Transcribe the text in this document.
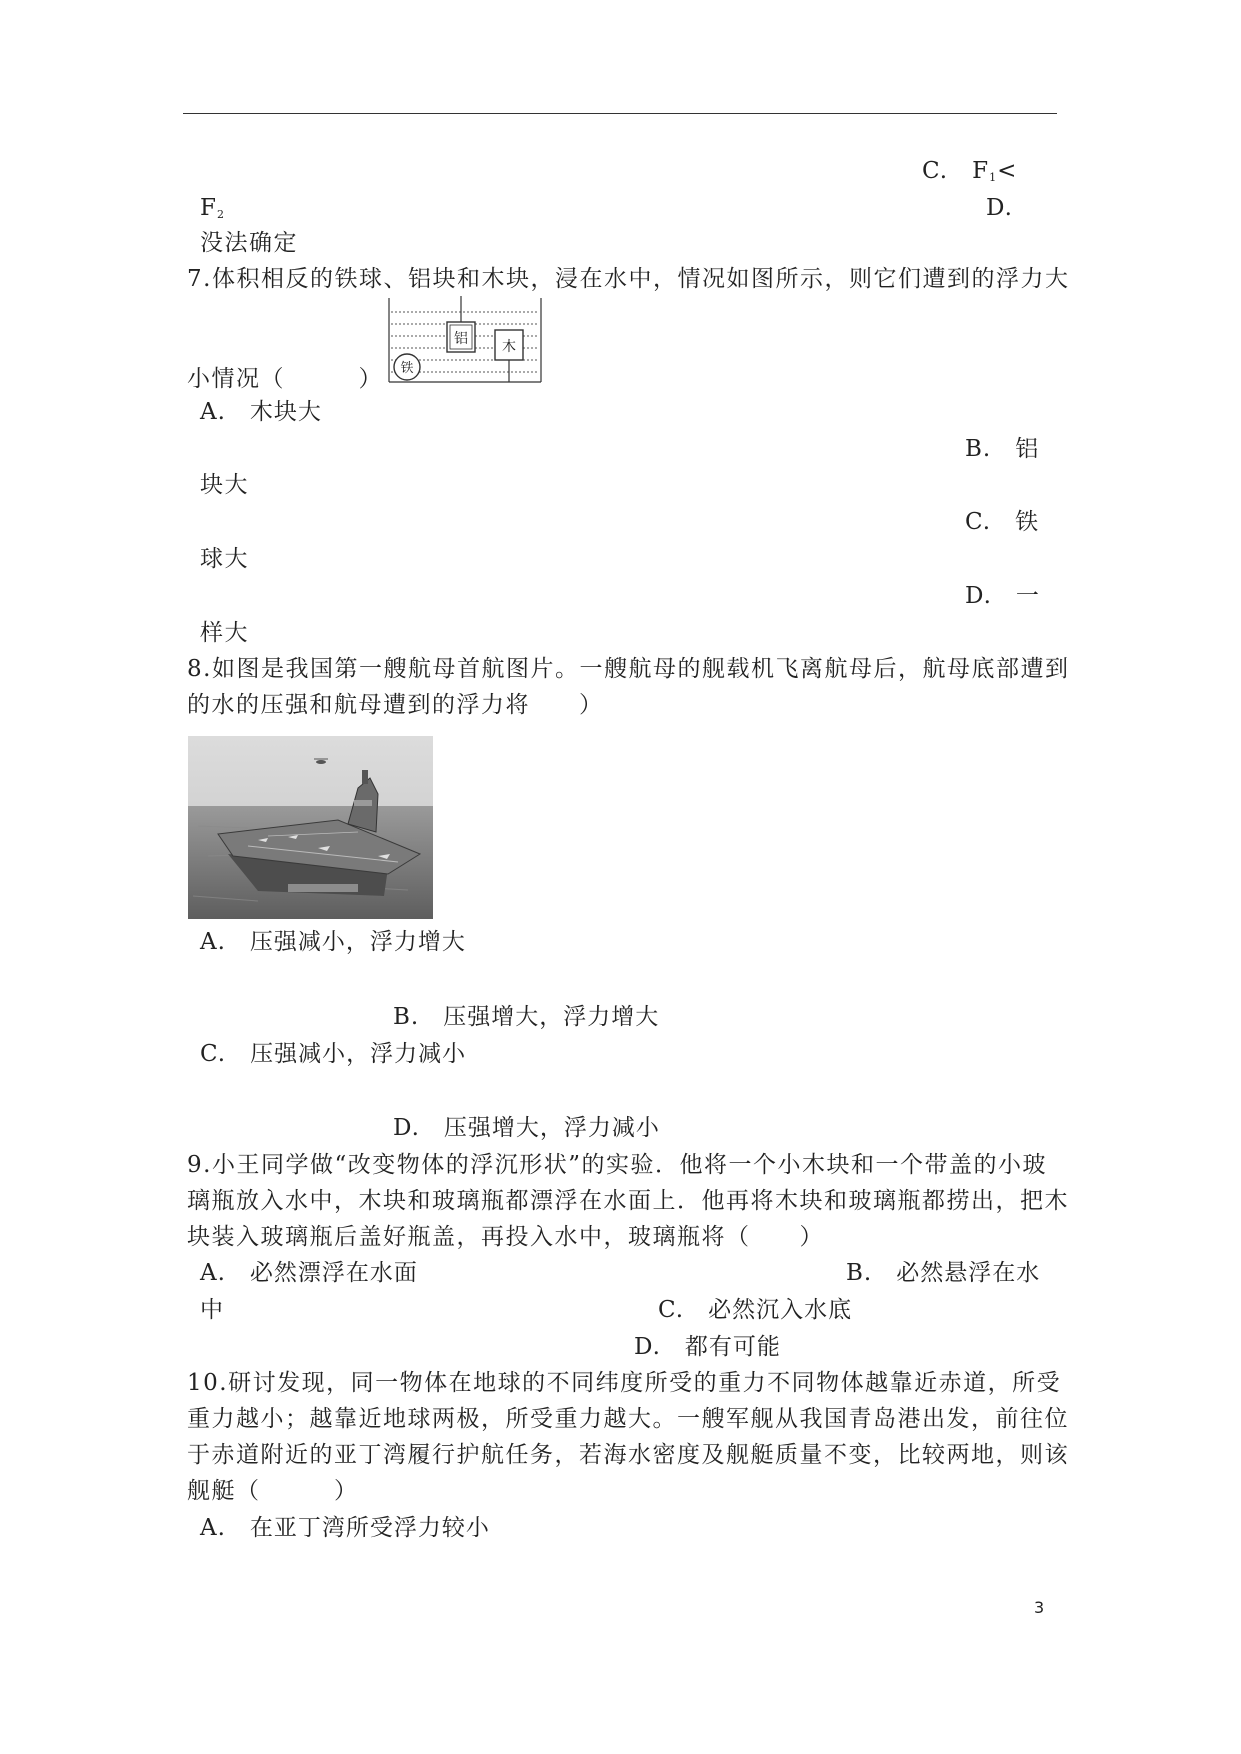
C.　$F_1<$
$F_2$	D.
没法确定
7.体积相反的铁球、铝块和木块，浸在水中，情况如图所示，则它们遭到的浮力大
铝 木
铁
小情况（　　　）
A.　木块大
B.　铝
块大
C.　铁
球大
D.　一
样大
8.如图是我国第一艘航母首航图片。一艘航母的舰载机飞离航母后，航母底部遭到
的水的压强和航母遭到的浮力将　　）
A.　压强减小，浮力增大
B.　压强增大，浮力增大
C.　压强减小，浮力减小
D.　压强增大，浮力减小
9.小王同学做“改变物体的浮沉形状”的实验．他将一个小木块和一个带盖的小玻
璃瓶放入水中，木块和玻璃瓶都漂浮在水面上．他再将木块和玻璃瓶都捞出，把木
块装入玻璃瓶后盖好瓶盖，再投入水中，玻璃瓶将（　　）
A.　必然漂浮在水面	B.　必然悬浮在水
中	C.　必然沉入水底
D.　都有可能
10.研讨发现，同一物体在地球的不同纬度所受的重力不同物体越靠近赤道，所受
重力越小；越靠近地球两极，所受重力越大。一艘军舰从我国青岛港出发，前往位
于赤道附近的亚丁湾履行护航任务，若海水密度及舰艇质量不变，比较两地，则该
舰艇（　　　）
A.　在亚丁湾所受浮力较小
3
